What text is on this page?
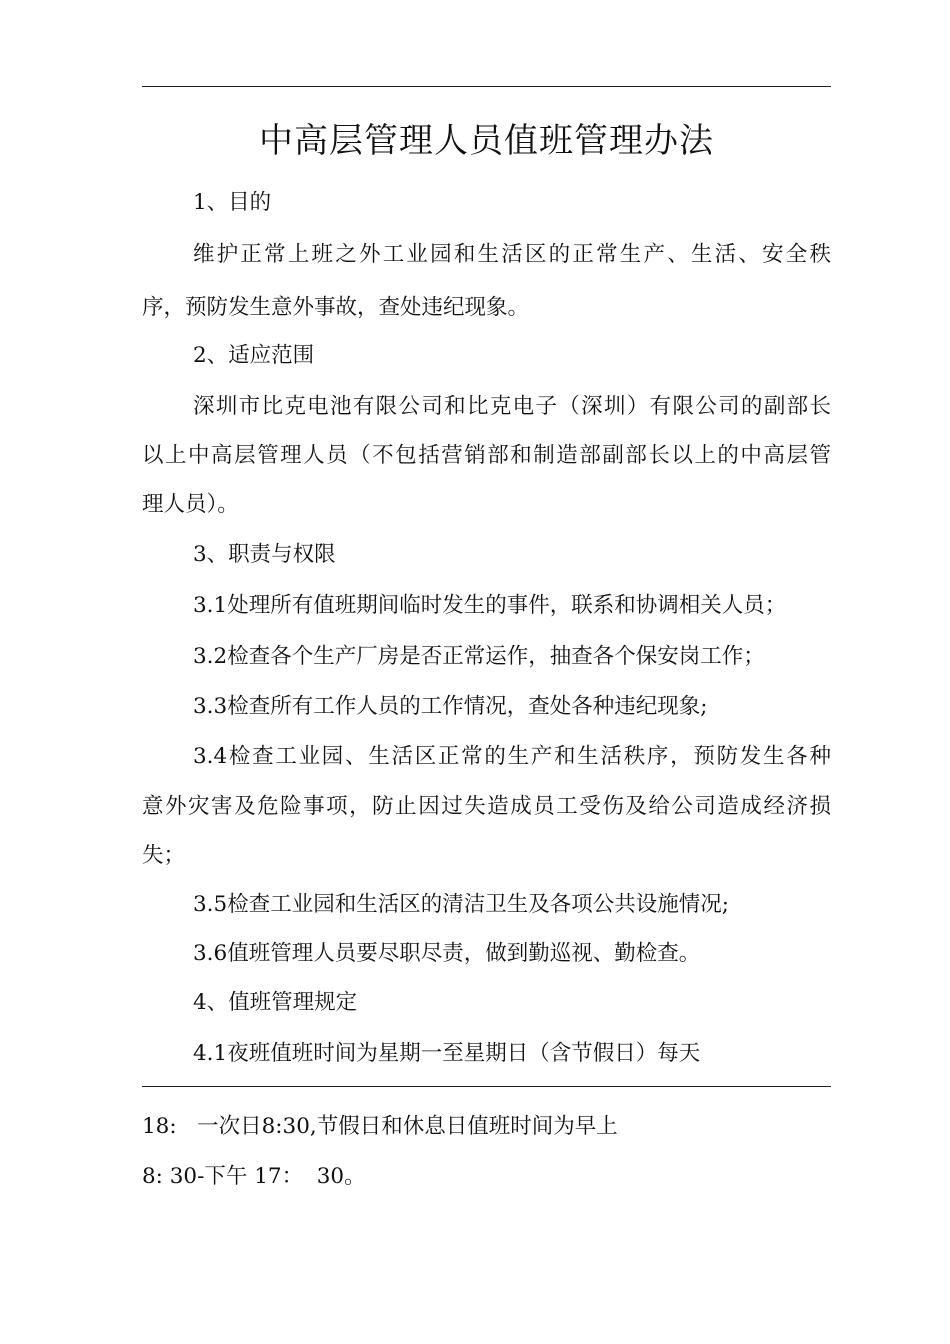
中高层管理人员值班管理办法
1、目的
维护正常上班之外工业园和生活区的正常生产、生活、安全秩
序，预防发生意外事故，查处违纪现象。
2、适应范围
深圳市比克电池有限公司和比克电子（深圳）有限公司的副部长
以上中高层管理人员（不包括营销部和制造部副部长以上的中高层管
理人员）。
3、职责与权限
3.1处理所有值班期间临时发生的事件，联系和协调相关人员；
3.2检查各个生产厂房是否正常运作，抽查各个保安岗工作；
3.3检查所有工作人员的工作情况，查处各种违纪现象;
3.4检查工业园、生活区正常的生产和生活秩序，预防发生各种
意外灾害及危险事项，防止因过失造成员工受伤及给公司造成经济损
失；
3.5检查工业园和生活区的清洁卫生及各项公共设施情况;
3.6值班管理人员要尽职尽责，做到勤巡视、勤检查。
4、值班管理规定
4.1夜班值班时间为星期一至星期日（含节假日）每天
18:   一次日8:30,节假日和休息日值班时间为早上
8: 30-下午 17：  30。
